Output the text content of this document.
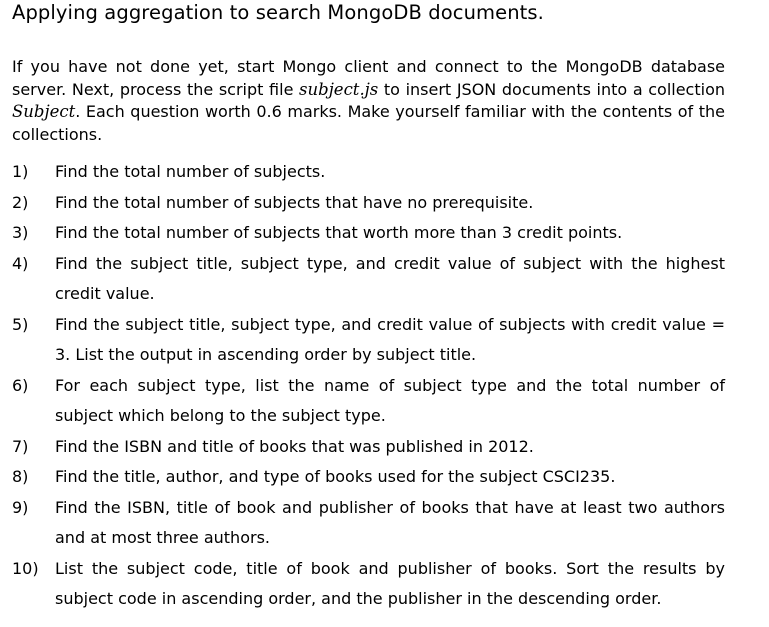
Applying aggregation to search MongoDB documents.

If you have not done yet, start Mongo client and connect to the MongoDB database server. Next, process the script file subject.js to insert JSON documents into a collection Subject. Each question worth 0.6 marks. Make yourself familiar with the contents of the collections.

1) Find the total number of subjects.
2) Find the total number of subjects that have no prerequisite.
3) Find the total number of subjects that worth more than 3 credit points.
4) Find the subject title, subject type, and credit value of subject with the highest credit value.
5) Find the subject title, subject type, and credit value of subjects with credit value = 3. List the output in ascending order by subject title.
6) For each subject type, list the name of subject type and the total number of subject which belong to the subject type.
7) Find the ISBN and title of books that was published in 2012.
8) Find the title, author, and type of books used for the subject CSCI235.
9) Find the ISBN, title of book and publisher of books that have at least two authors and at most three authors.
10) List the subject code, title of book and publisher of books. Sort the results by subject code in ascending order, and the publisher in the descending order.
